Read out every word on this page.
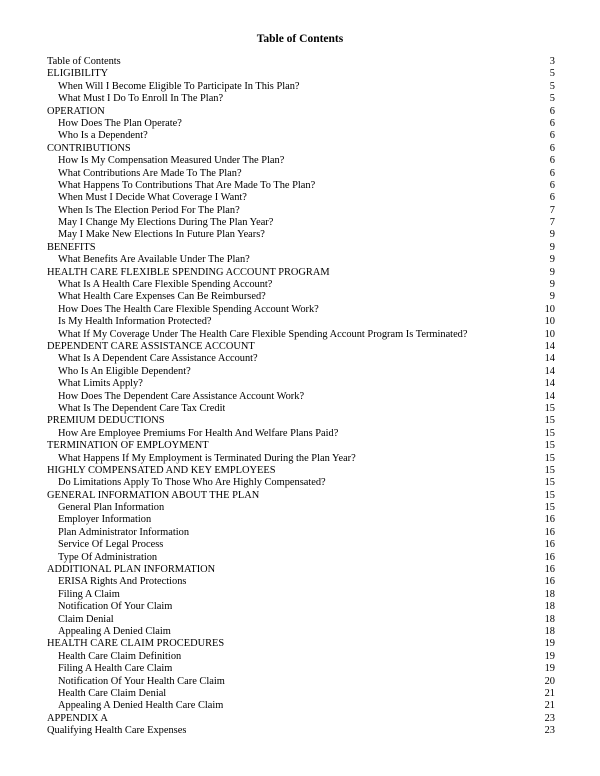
Table of Contents
Table of Contents	3
ELIGIBILITY	5
When Will I Become Eligible To Participate In This Plan?	5
What Must I Do To Enroll In The Plan?	5
OPERATION	6
How Does The Plan Operate?	6
Who Is a Dependent?	6
CONTRIBUTIONS	6
How Is My Compensation Measured Under The Plan?	6
What Contributions Are Made To The Plan?	6
What Happens To Contributions That Are Made To The Plan?	6
When Must I Decide What Coverage I Want?	6
When Is The Election Period For The Plan?	7
May I Change My Elections During The Plan Year?	7
May I Make New Elections In Future Plan Years?	9
BENEFITS	9
What Benefits Are Available Under The Plan?	9
HEALTH CARE FLEXIBLE SPENDING ACCOUNT PROGRAM	9
What Is A Health Care Flexible Spending Account?	9
What Health Care Expenses Can Be Reimbursed?	9
How Does The Health Care Flexible Spending Account Work?	10
Is My Health Information Protected?	10
What If My Coverage Under The Health Care Flexible Spending Account Program Is Terminated?	10
DEPENDENT CARE ASSISTANCE ACCOUNT	14
What Is A Dependent Care Assistance Account?	14
Who Is An Eligible Dependent?	14
What Limits Apply?	14
How Does The Dependent Care Assistance Account Work?	14
What Is The Dependent Care Tax Credit	15
PREMIUM DEDUCTIONS	15
How Are Employee Premiums For Health And Welfare Plans Paid?	15
TERMINATION OF EMPLOYMENT	15
What Happens If My Employment is Terminated During the Plan Year?	15
HIGHLY COMPENSATED AND KEY EMPLOYEES	15
Do Limitations Apply To Those Who Are Highly Compensated?	15
GENERAL INFORMATION ABOUT THE PLAN	15
General Plan Information	15
Employer Information	16
Plan Administrator Information	16
Service Of Legal Process	16
Type Of Administration	16
ADDITIONAL PLAN INFORMATION	16
ERISA Rights And Protections	16
Filing A Claim	18
Notification Of Your Claim	18
Claim Denial	18
Appealing A Denied Claim	18
HEALTH CARE CLAIM PROCEDURES	19
Health Care Claim Definition	19
Filing A Health Care Claim	19
Notification Of Your Health Care Claim	20
Health Care Claim Denial	21
Appealing A Denied Health Care Claim	21
APPENDIX A	23
Qualifying Health Care Expenses	23
